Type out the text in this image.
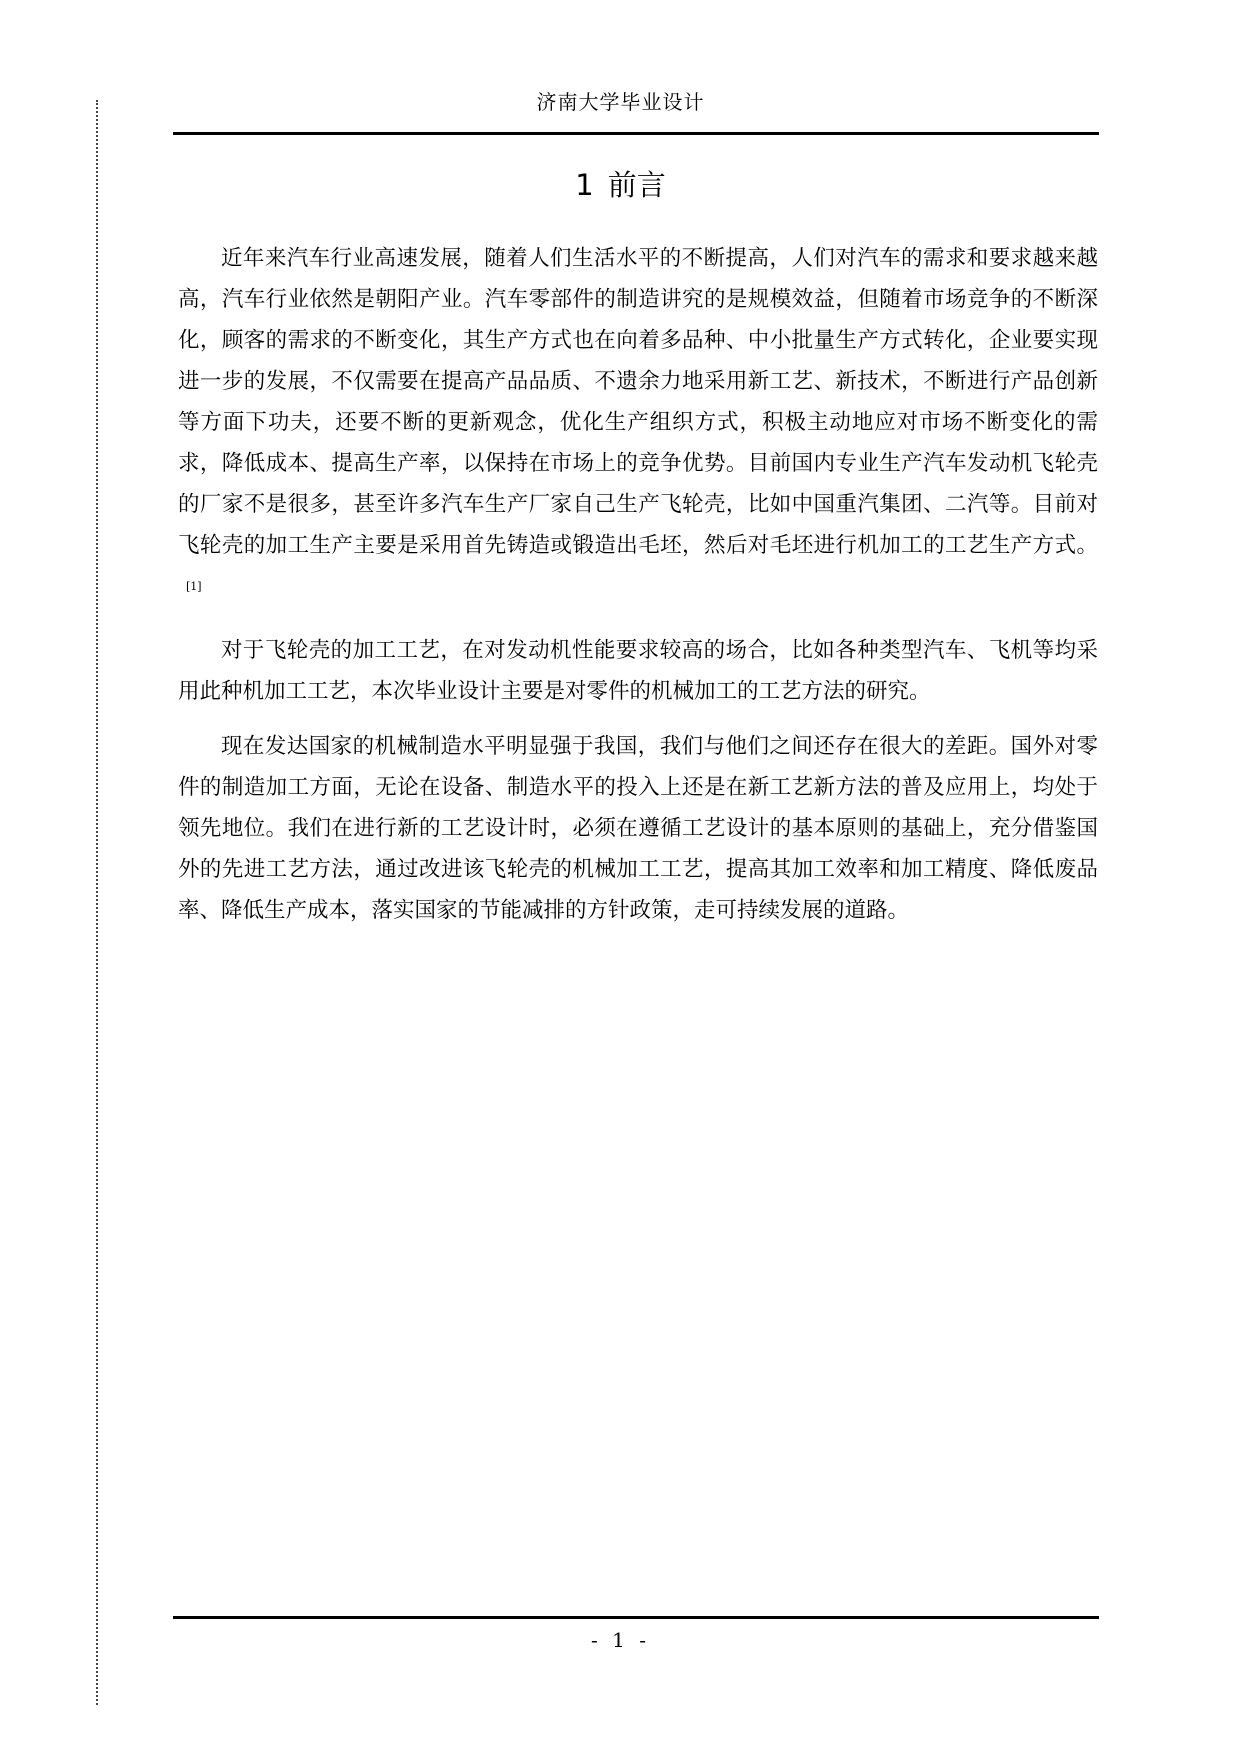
济南大学毕业设计
1 前言

近年来汽车行业高速发展，随着人们生活水平的不断提高，人们对汽车的需求和要求越来越高，汽车行业依然是朝阳产业。汽车零部件的制造讲究的是规模效益，但随着市场竞争的不断深化，顾客的需求的不断变化，其生产方式也在向着多品种、中小批量生产方式转化，企业要实现进一步的发展，不仅需要在提高产品品质、不遗余力地采用新工艺、新技术，不断进行产品创新等方面下功夫，还要不断的更新观念，优化生产组织方式，积极主动地应对市场不断变化的需求，降低成本、提高生产率，以保持在市场上的竞争优势。目前国内专业生产汽车发动机飞轮壳的厂家不是很多，甚至许多汽车生产厂家自己生产飞轮壳，比如中国重汽集团、二汽等。目前对飞轮壳的加工生产主要是采用首先铸造或锻造出毛坯，然后对毛坯进行机加工的工艺生产方式。[1]

对于飞轮壳的加工工艺，在对发动机性能要求较高的场合，比如各种类型汽车、飞机等均采用此种机加工工艺，本次毕业设计主要是对零件的机械加工的工艺方法的研究。

现在发达国家的机械制造水平明显强于我国，我们与他们之间还存在很大的差距。国外对零件的制造加工方面，无论在设备、制造水平的投入上还是在新工艺新方法的普及应用上，均处于领先地位。我们在进行新的工艺设计时，必须在遵循工艺设计的基本原则的基础上，充分借鉴国外的先进工艺方法，通过改进该飞轮壳的机械加工工艺，提高其加工效率和加工精度、降低废品率、降低生产成本，落实国家的节能减排的方针政策，走可持续发展的道路。

- 1 -
